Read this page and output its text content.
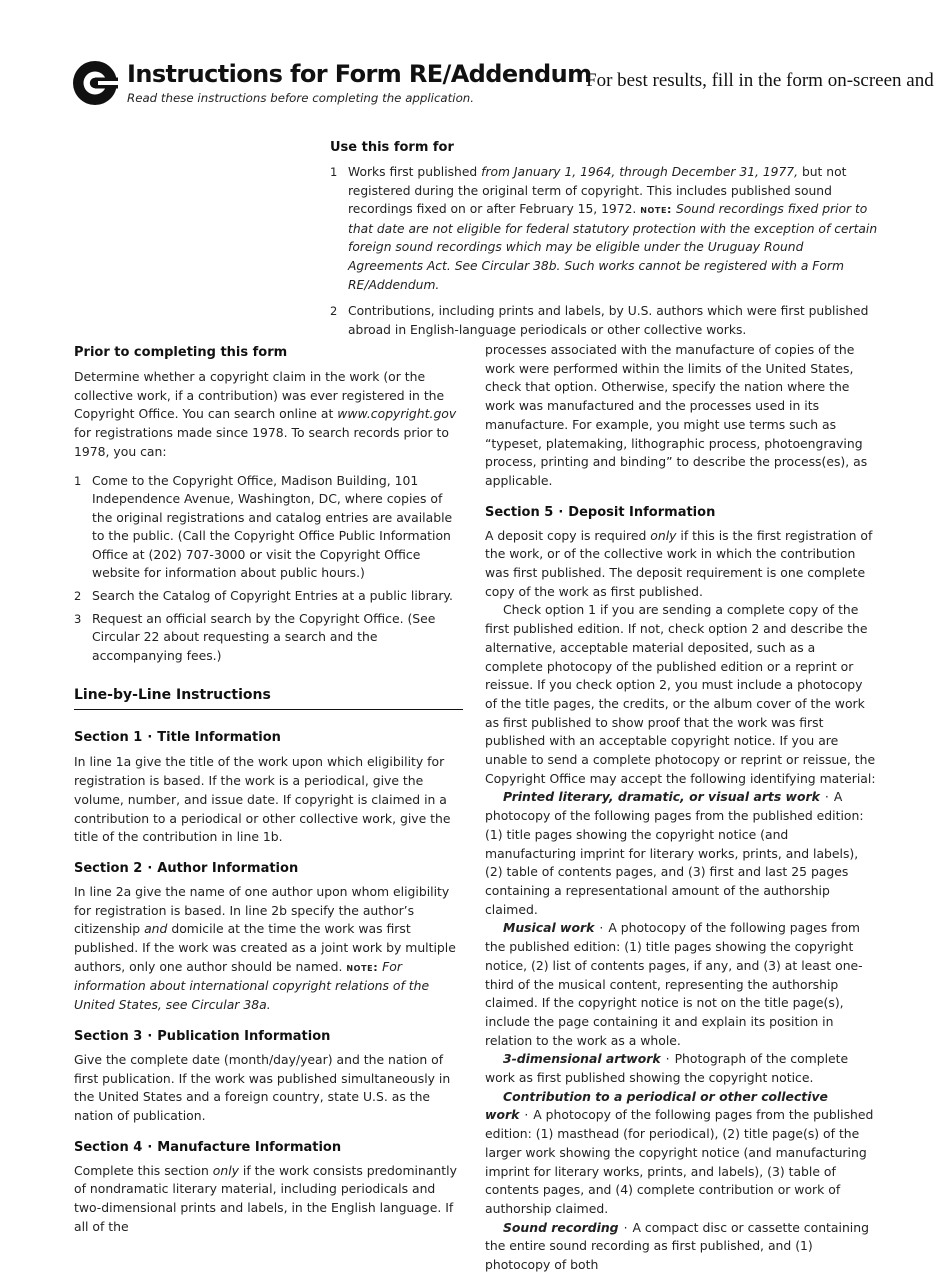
Instructions for Form RE/Addendum
For best results, fill in the form on-screen and
Read these instructions before completing the application.
Use this form for
1 Works first published from January 1, 1964, through December 31, 1977, but not registered during the original term of copyright. This includes published sound recordings fixed on or after February 15, 1972. note: Sound recordings fixed prior to that date are not eligible for federal statutory protection with the exception of certain foreign sound recordings which may be eligible under the Uruguay Round Agreements Act. See Circular 38b. Such works cannot be registered with a Form RE/Addendum.
2 Contributions, including prints and labels, by U.S. authors which were first published abroad in English-language periodicals or other collective works.
Prior to completing this form

Determine whether a copyright claim in the work (or the collective work, if a contribution) was ever registered in the Copyright Office. You can search online at www.copyright.gov for registrations made since 1978. To search records prior to 1978, you can:

1 Come to the Copyright Office, Madison Building, 101 Independence Avenue, Washington, DC, where copies of the original registrations and catalog entries are available to the public. (Call the Copyright Office Public Information Office at (202) 707-3000 or visit the Copyright Office website for information about public hours.)
2 Search the Catalog of Copyright Entries at a public library.
3 Request an official search by the Copyright Office. (See Circular 22 about requesting a search and the accompanying fees.)
Line-by-Line Instructions
Section 1 · Title Information

In line 1a give the title of the work upon which eligibility for registration is based. If the work is a periodical, give the volume, number, and issue date. If copyright is claimed in a contribution to a periodical or other collective work, give the title of the contribution in line 1b.

Section 2 · Author Information

In line 2a give the name of one author upon whom eligibility for registration is based. In line 2b specify the author’s citizenship and domicile at the time the work was first published. If the work was created as a joint work by multiple authors, only one author should be named. note: For information about international copyright relations of the United States, see Circular 38a.

Section 3 · Publication Information

Give the complete date (month/day/year) and the nation of first publication. If the work was published simultaneously in the United States and a foreign country, state U.S. as the nation of publication.

Section 4 · Manufacture Information

Complete this section only if the work consists predominantly of nondramatic literary material, including periodicals and two-dimensional prints and labels, in the English language. If all of the

processes associated with the manufacture of copies of the work were performed within the limits of the United States, check that option. Otherwise, specify the nation where the work was manufactured and the processes used in its manufacture. For example, you might use terms such as “typeset, platemaking, lithographic process, photoengraving process, printing and binding” to describe the process(es), as applicable.

Section 5 · Deposit Information

A deposit copy is required only if this is the first registration of the work, or of the collective work in which the contribution was first published. The deposit requirement is one complete copy of the work as first published.

Check option 1 if you are sending a complete copy of the first published edition. If not, check option 2 and describe the alternative, acceptable material deposited, such as a complete photocopy of the published edition or a reprint or reissue. If you check option 2, you must include a photocopy of the title pages, the credits, or the album cover of the work as first published to show proof that the work was first published with an acceptable copyright notice. If you are unable to send a complete photocopy or reprint or reissue, the Copyright Office may accept the following identifying material:

Printed literary, dramatic, or visual arts work · A photocopy of the following pages from the published edition: (1) title pages showing the copyright notice (and manufacturing imprint for literary works, prints, and labels), (2) table of contents pages, and (3) first and last 25 pages containing a representational amount of the authorship claimed.

Musical work · A photocopy of the following pages from the published edition: (1) title pages showing the copyright notice, (2) list of contents pages, if any, and (3) at least one-third of the musical content, representing the authorship claimed. If the copyright notice is not on the title page(s), include the page containing it and explain its position in relation to the work as a whole.

3-dimensional artwork · Photograph of the complete work as first published showing the copyright notice.

Contribution to a periodical or other collective work · A photocopy of the following pages from the published edition: (1) masthead (for periodical), (2) title page(s) of the larger work showing the copyright notice (and manufacturing imprint for literary works, prints, and labels), (3) table of contents pages, and (4) complete contribution or work of authorship claimed.

Sound recording · A compact disc or cassette containing the entire sound recording as first published, and (1) photocopy of both
